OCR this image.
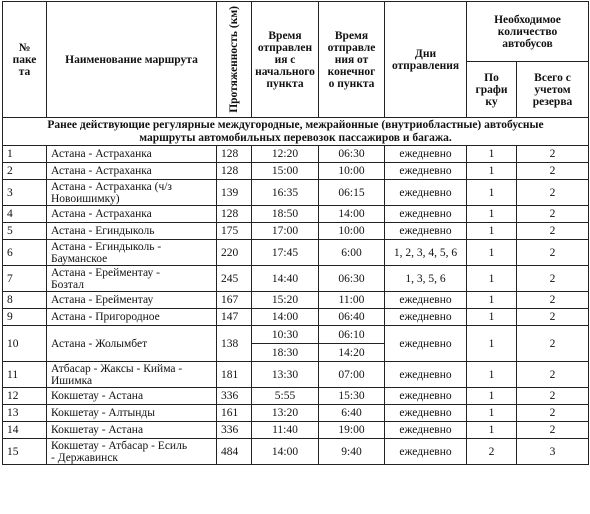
№
паке
та	Наименование маршрута	Протяженность (км)	Время
отправлен
ия с
начального
пункта	Время
отправле
ния от
конечног
о пункта	Дни
отправления	Необходимое
количество
автобусов	
						По
графи
ку	Всего с
учетом
резерва
Ранее действующие регулярные междугородные, межрайонные (внутриобластные) автобусные
маршруты автомобильных перевозок пассажиров и багажа.							
1	Астана - Астраханка	128	12:20	06:30	ежедневно	1	2
2	Астана - Астраханка	128	15:00	10:00	ежедневно	1	2
3	Астана - Астраханка (ч/з
Новоишимку)	139	16:35	06:15	ежедневно	1	2
4	Астана - Астраханка	128	18:50	14:00	ежедневно	1	2
5	Астана - Егиндыколь	175	17:00	10:00	ежедневно	1	2
6	Астана - Егиндыколь -
Бауманское	220	17:45	6:00	1, 2, 3, 4, 5, 6	1	2
7	Астана - Ерейментау -
Бозтал	245	14:40	06:30	1, 3, 5, 6	1	2
8	Астана - Ерейментау	167	15:20	11:00	ежедневно	1	2
9	Астана - Пригородное	147	14:00	06:40	ежедневно	1	2
10	Астана - Жолымбет	138	10:30	06:10	ежедневно	1	2
			18:30	14:20			
11	Атбасар - Жаксы - Кийма -
Ишимка	181	13:30	07:00	ежедневно	1	2
12	Кокшетау - Астана	336	5:55	15:30	ежедневно	1	2
13	Кокшетау - Алтынды	161	13:20	6:40	ежедневно	1	2
14	Кокшетау - Астана	336	11:40	19:00	ежедневно	1	2
15	Кокшетау - Атбасар - Есиль
- Державинск	484	14:00	9:40	ежедневно	2	3
